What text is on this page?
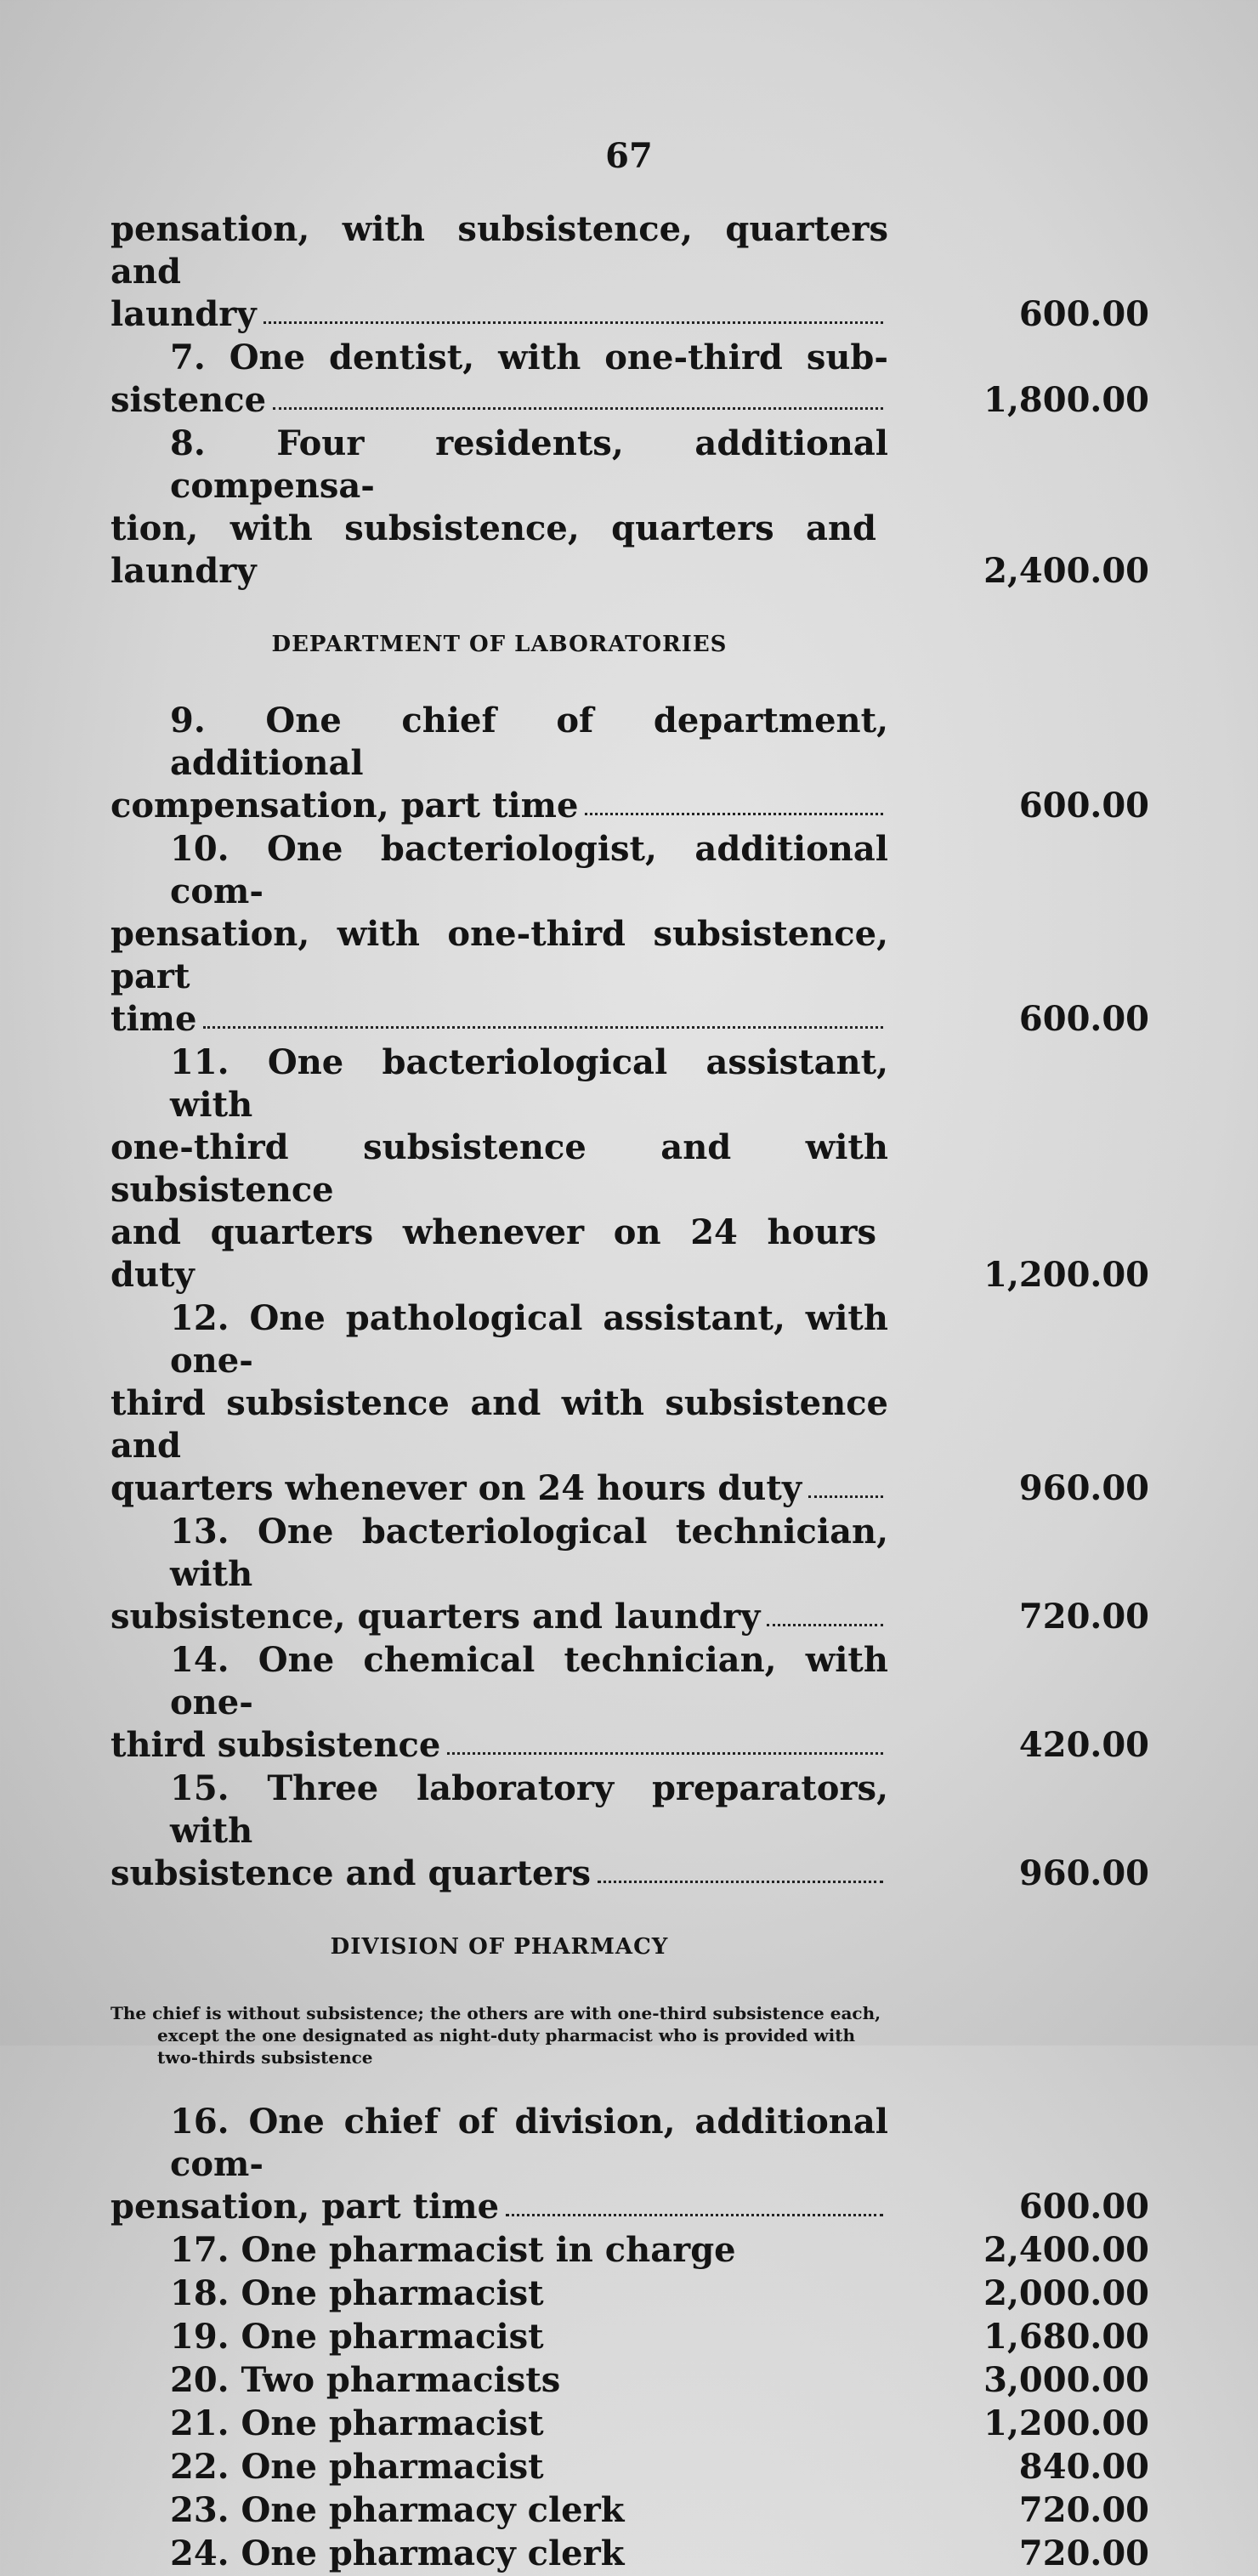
67
pensation, with subsistence, quarters and
laundry	600.00
7. One dentist, with one-third sub-
sistence	1,800.00
8. Four residents, additional compensa-
tion, with subsistence, quarters and laundry	2,400.00
DEPARTMENT OF LABORATORIES
9. One chief of department, additional
compensation, part time	600.00
10. One bacteriologist, additional com-
pensation, with one-third subsistence, part
time	600.00
11. One bacteriological assistant, with
one-third subsistence and with subsistence
and quarters whenever on 24 hours duty	1,200.00
12. One pathological assistant, with one-
third subsistence and with subsistence and
quarters whenever on 24 hours duty	960.00
13. One bacteriological technician, with
subsistence, quarters and laundry	720.00
14. One chemical technician, with one-
third subsistence	420.00
15. Three laboratory preparators, with
subsistence and quarters	960.00
DIVISION OF PHARMACY
The chief is without subsistence; the others are with one-third subsistence each,
except the one designated as night-duty pharmacist who is provided with
two-thirds subsistence
16. One chief of division, additional com-
pensation, part time	600.00
17. One pharmacist in charge	2,400.00
18. One pharmacist	2,000.00
19. One pharmacist	1,680.00
20. Two pharmacists	3,000.00
21. One pharmacist	1,200.00
22. One pharmacist	840.00
23. One pharmacy clerk	720.00
24. One pharmacy clerk	720.00
